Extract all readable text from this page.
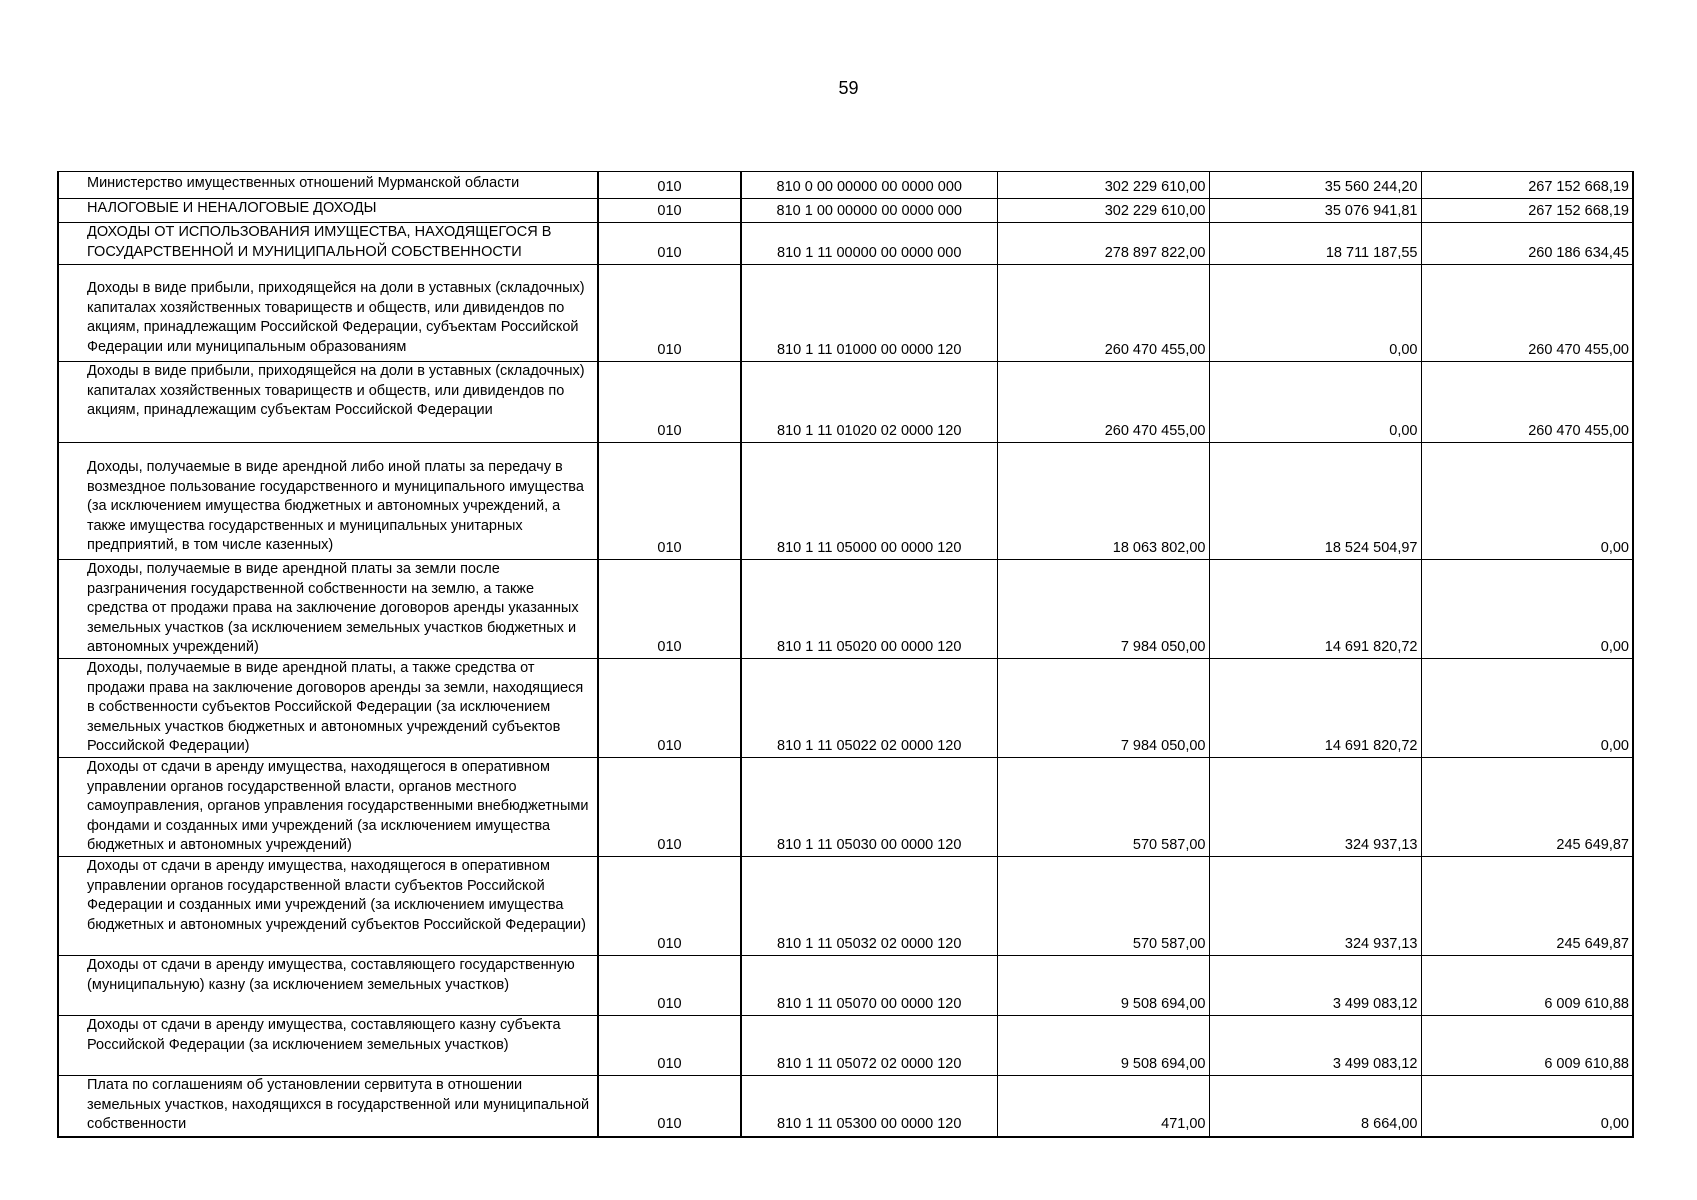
59
Министерство имущественных отношений Мурманской области	010	810 0 00 00000 00 0000 000	302 229 610,00	35 560 244,20	267 152 668,19
НАЛОГОВЫЕ И НЕНАЛОГОВЫЕ ДОХОДЫ	010	810 1 00 00000 00 0000 000	302 229 610,00	35 076 941,81	267 152 668,19
ДОХОДЫ ОТ ИСПОЛЬЗОВАНИЯ ИМУЩЕСТВА, НАХОДЯЩЕГОСЯ В ГОСУДАРСТВЕННОЙ И МУНИЦИПАЛЬНОЙ СОБСТВЕННОСТИ	010	810 1 11 00000 00 0000 000	278 897 822,00	18 711 187,55	260 186 634,45
Доходы в виде прибыли, приходящейся на доли в уставных (складочных) капиталах хозяйственных товариществ и обществ, или дивидендов по акциям, принадлежащим Российской Федерации, субъектам Российской Федерации или муниципальным образованиям	010	810 1 11 01000 00 0000 120	260 470 455,00	0,00	260 470 455,00
Доходы в виде прибыли, приходящейся на доли в уставных (складочных) капиталах хозяйственных товариществ и обществ, или дивидендов по акциям, принадлежащим субъектам Российской Федерации	010	810 1 11 01020 02 0000 120	260 470 455,00	0,00	260 470 455,00
Доходы, получаемые в виде арендной либо иной платы за передачу в возмездное пользование государственного и муниципального имущества (за исключением имущества бюджетных и автономных учреждений, а также имущества государственных и муниципальных унитарных предприятий, в том числе казенных)	010	810 1 11 05000 00 0000 120	18 063 802,00	18 524 504,97	0,00
Доходы, получаемые в виде арендной платы за земли после разграничения государственной собственности на землю, а также средства от продажи права на заключение договоров аренды указанных земельных участков (за исключением земельных участков бюджетных и автономных учреждений)	010	810 1 11 05020 00 0000 120	7 984 050,00	14 691 820,72	0,00
Доходы, получаемые в виде арендной платы, а также средства от продажи права на заключение договоров аренды за земли, находящиеся в собственности субъектов Российской Федерации (за исключением земельных участков бюджетных и автономных учреждений субъектов Российской Федерации)	010	810 1 11 05022 02 0000 120	7 984 050,00	14 691 820,72	0,00
Доходы от сдачи в аренду имущества, находящегося в оперативном управлении органов государственной власти, органов местного самоуправления, органов управления государственными внебюджетными фондами и созданных ими учреждений (за исключением имущества бюджетных и автономных учреждений)	010	810 1 11 05030 00 0000 120	570 587,00	324 937,13	245 649,87
Доходы от сдачи в аренду имущества, находящегося в оперативном управлении органов государственной власти субъектов Российской Федерации и созданных ими учреждений (за исключением имущества бюджетных и автономных учреждений субъектов Российской Федерации)	010	810 1 11 05032 02 0000 120	570 587,00	324 937,13	245 649,87
Доходы от сдачи в аренду имущества, составляющего государственную (муниципальную) казну (за исключением земельных участков)	010	810 1 11 05070 00 0000 120	9 508 694,00	3 499 083,12	6 009 610,88
Доходы от сдачи в аренду имущества, составляющего казну субъекта Российской Федерации (за исключением земельных участков)	010	810 1 11 05072 02 0000 120	9 508 694,00	3 499 083,12	6 009 610,88
Плата по соглашениям об установлении сервитута в отношении земельных участков, находящихся в государственной или муниципальной собственности	010	810 1 11 05300 00 0000 120	471,00	8 664,00	0,00
